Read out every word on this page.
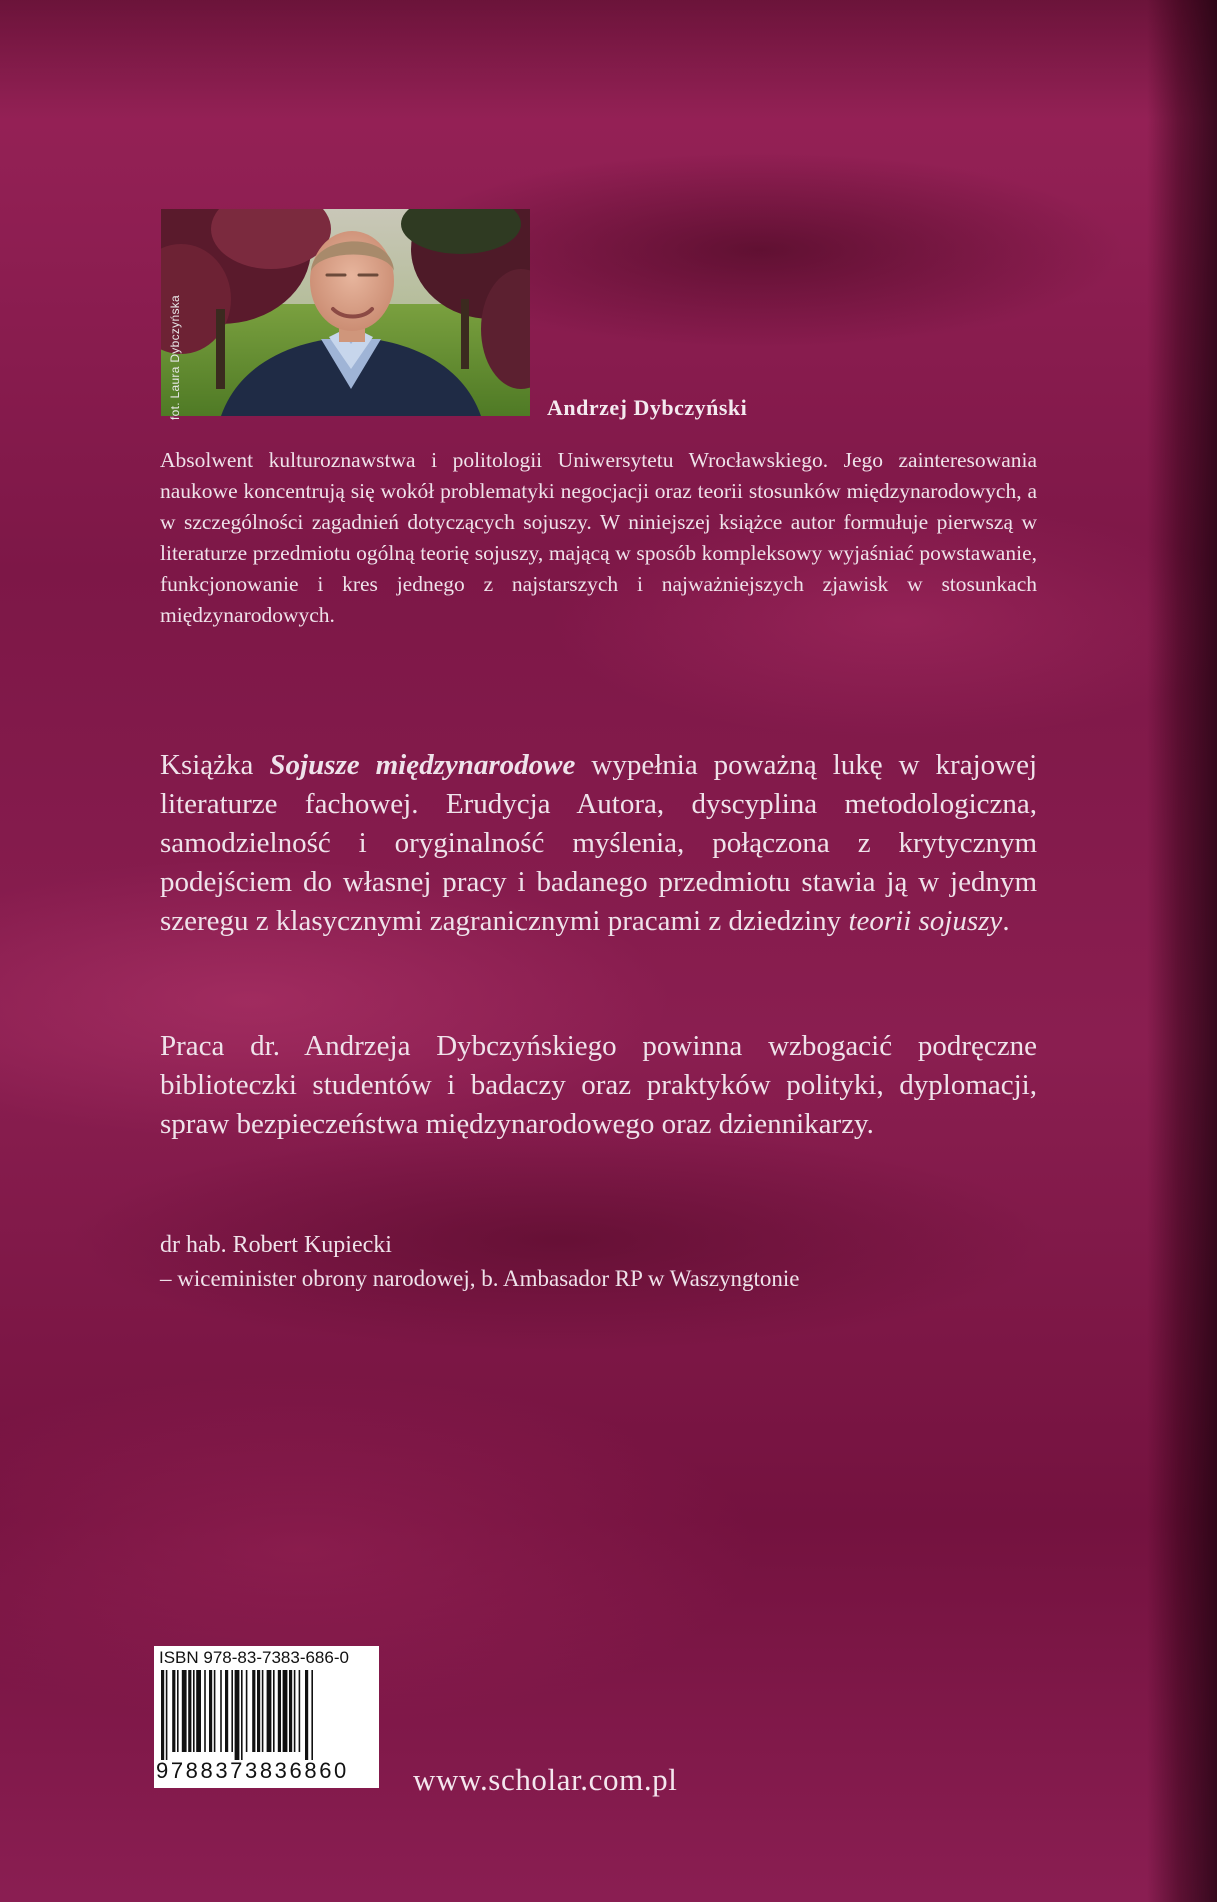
fot. Laura Dybczyńska	Andrzej Dybczyński

Absolwent kulturoznawstwa i politologii Uniwersytetu Wrocławskiego. Jego zainteresowania naukowe koncentrują się wokół problematyki negocjacji oraz teorii stosunków międzynarodowych, a w szczególności zagadnień dotyczących sojuszy. W niniejszej książce autor formułuje pierwszą w literaturze przedmiotu ogólną teorię sojuszy, mającą w sposób kompleksowy wyjaśniać powstawanie, funkcjonowanie i kres jednego z najstarszych i najważniejszych zjawisk w stosunkach międzynarodowych.

Książka Sojusze międzynarodowe wypełnia poważną lukę w krajowej literaturze fachowej. Erudycja Autora, dyscyplina metodologiczna, samodzielność i oryginalność myślenia, połączona z krytycznym podejściem do własnej pracy i badanego przedmiotu stawia ją w jednym szeregu z klasycznymi zagranicznymi pracami z dziedziny teorii sojuszy.

Praca dr. Andrzeja Dybczyńskiego powinna wzbogacić podręczne biblioteczki studentów i badaczy oraz praktyków polityki, dyplomacji, spraw bezpieczeństwa międzynarodowego oraz dziennikarzy.

dr hab. Robert Kupiecki
– wiceminister obrony narodowej, b. Ambasador RP w Waszyngtonie
ISBN 978-83-7383-686-0
9788373836860	www.scholar.com.pl
